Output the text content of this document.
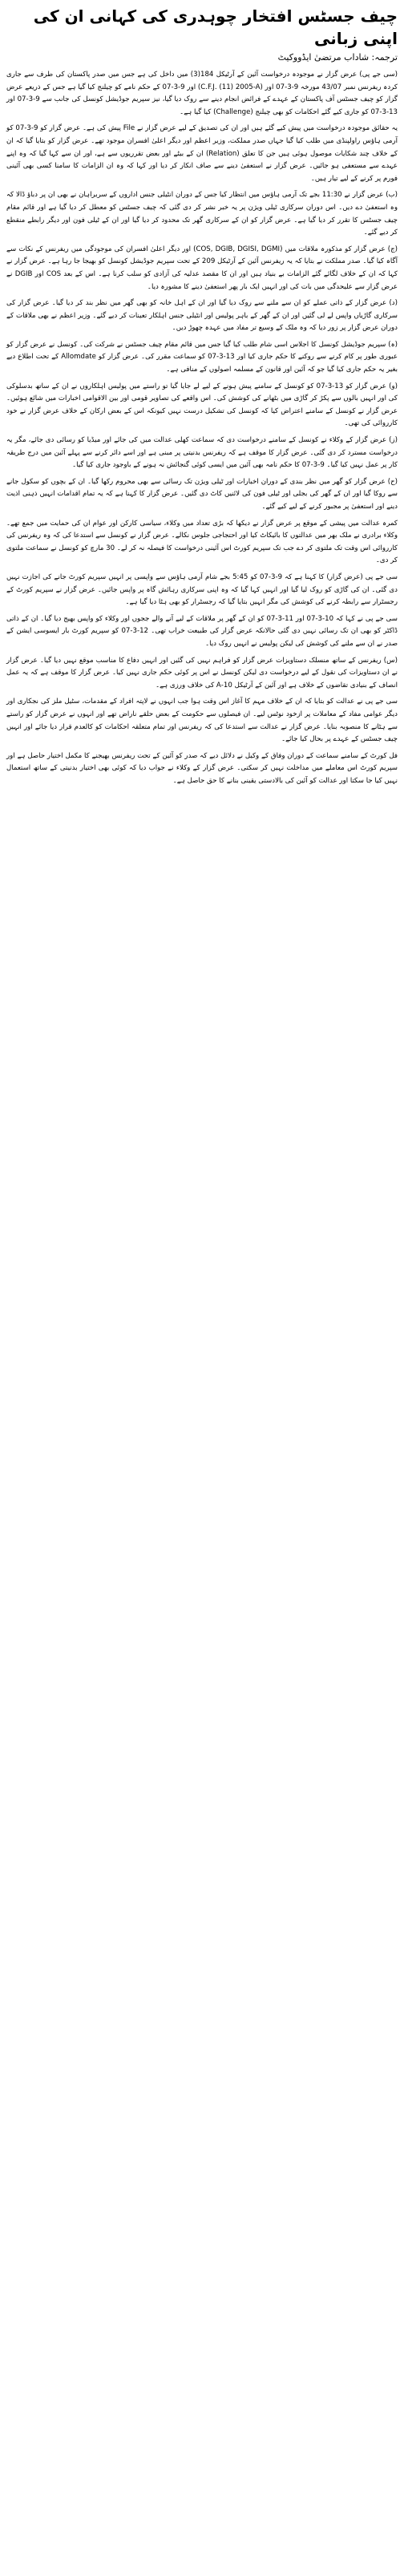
چیف جسٹس افتخار چوہدری کی کہانی ان کی اپنی زبانی
ترجمہ: شاداب مرتضیٰ ایڈووکیٹ

(سی جے پی) عرض گزار نے موجودہ درخواست آئین کے آرٹیکل 184(3) میں داخل کی ہے جس میں صدر پاکستان کی طرف سے جاری کردہ ریفرنس نمبر 43/07 مورخہ 9-3-07 اور (C.F.J. (11) 2005-A) اور 9-3-07 کے حکم نامے کو چیلنج کیا گیا ہے جس کے ذریعے عرض گزار کو چیف جسٹس آف پاکستان کے عہدے کے فرائض انجام دینے سے روک دیا گیا، نیز سپریم جوڈیشل کونسل کی جانب سے 9-3-07 اور 13-3-07 کو جاری کیے گئے احکامات کو بھی چیلنج (Challenge) کیا گیا ہے۔

یہ حقائق موجودہ درخواست میں پیش کیے گئے ہیں اور ان کی تصدیق کے لیے عرض گزار نے File پیش کی ہے۔ عرض گزار کو 9-3-07 کو آرمی ہاؤس راولپنڈی میں طلب کیا گیا جہاں صدر مملکت، وزیر اعظم اور دیگر اعلیٰ افسران موجود تھے۔ عرض گزار کو بتایا گیا کہ ان کے خلاف چند شکایات موصول ہوئی ہیں جن کا تعلق (Relation) ان کے بیٹے اور بعض تقرریوں سے ہے، اور ان سے کہا گیا کہ وہ اپنے عہدے سے مستعفی ہو جائیں۔ عرض گزار نے استعفیٰ دینے سے صاف انکار کر دیا اور کہا کہ وہ ان الزامات کا سامنا کسی بھی آئینی فورم پر کرنے کے لیے تیار ہیں۔

(ب) عرض گزار نے 11:30 بجے تک آرمی ہاؤس میں انتظار کیا جس کے دوران انٹیلی جنس اداروں کے سربراہان نے بھی ان پر دباؤ ڈالا کہ وہ استعفیٰ دے دیں۔ اس دوران سرکاری ٹیلی ویژن پر یہ خبر نشر کر دی گئی کہ چیف جسٹس کو معطل کر دیا گیا ہے اور قائم مقام چیف جسٹس کا تقرر کر دیا گیا ہے۔ عرض گزار کو ان کے سرکاری گھر تک محدود کر دیا گیا اور ان کے ٹیلی فون اور دیگر رابطے منقطع کر دیے گئے۔

(ج) عرض گزار کو مذکورہ ملاقات میں (COS, DGIB, DGISI, DGMI) اور دیگر اعلیٰ افسران کی موجودگی میں ریفرنس کے نکات سے آگاہ کیا گیا۔ صدر مملکت نے بتایا کہ یہ ریفرنس آئین کے آرٹیکل 209 کے تحت سپریم جوڈیشل کونسل کو بھیجا جا رہا ہے۔ عرض گزار نے کہا کہ ان کے خلاف لگائے گئے الزامات بے بنیاد ہیں اور ان کا مقصد عدلیہ کی آزادی کو سلب کرنا ہے۔ اس کے بعد COS اور DGIB نے عرض گزار سے علیحدگی میں بات کی اور انہیں ایک بار پھر استعفیٰ دینے کا مشورہ دیا۔

(د) عرض گزار کے ذاتی عملے کو ان سے ملنے سے روک دیا گیا اور ان کے اہل خانہ کو بھی گھر میں نظر بند کر دیا گیا۔ عرض گزار کی سرکاری گاڑیاں واپس لے لی گئیں اور ان کے گھر کے باہر پولیس اور انٹیلی جنس اہلکار تعینات کر دیے گئے۔ وزیر اعظم نے بھی ملاقات کے دوران عرض گزار پر زور دیا کہ وہ ملک کے وسیع تر مفاد میں عہدہ چھوڑ دیں۔

(ہ) سپریم جوڈیشل کونسل کا اجلاس اسی شام طلب کیا گیا جس میں قائم مقام چیف جسٹس نے شرکت کی۔ کونسل نے عرض گزار کو عبوری طور پر کام کرنے سے روکنے کا حکم جاری کیا اور 13-3-07 کو سماعت مقرر کی۔ عرض گزار کو Allomdate کے تحت اطلاع دیے بغیر یہ حکم جاری کیا گیا جو کہ آئین اور قانون کے مسلمہ اصولوں کے منافی ہے۔

(و) عرض گزار کو 13-3-07 کو کونسل کے سامنے پیش ہونے کے لیے لے جایا گیا تو راستے میں پولیس اہلکاروں نے ان کے ساتھ بدسلوکی کی اور انہیں بالوں سے پکڑ کر گاڑی میں بٹھانے کی کوشش کی۔ اس واقعے کی تصاویر قومی اور بین الاقوامی اخبارات میں شائع ہوئیں۔ عرض گزار نے کونسل کے سامنے اعتراض کیا کہ کونسل کی تشکیل درست نہیں کیونکہ اس کے بعض ارکان کے خلاف عرض گزار نے خود کارروائی کی تھی۔

(ز) عرض گزار کے وکلاء نے کونسل کے سامنے درخواست دی کہ سماعت کھلی عدالت میں کی جائے اور میڈیا کو رسائی دی جائے، مگر یہ درخواست مسترد کر دی گئی۔ عرض گزار کا موقف ہے کہ ریفرنس بدنیتی پر مبنی ہے اور اسے دائر کرنے سے پہلے آئین میں درج طریقہ کار پر عمل نہیں کیا گیا۔ 9-3-07 کا حکم نامہ بھی آئین میں ایسی کوئی گنجائش نہ ہونے کے باوجود جاری کیا گیا۔

(ح) عرض گزار کو گھر میں نظر بندی کے دوران اخبارات اور ٹیلی ویژن تک رسائی سے بھی محروم رکھا گیا۔ ان کے بچوں کو سکول جانے سے روکا گیا اور ان کے گھر کی بجلی اور ٹیلی فون کی لائنیں کاٹ دی گئیں۔ عرض گزار کا کہنا ہے کہ یہ تمام اقدامات انہیں ذہنی اذیت دینے اور استعفیٰ پر مجبور کرنے کے لیے کیے گئے۔

کمرہ عدالت میں پیشی کے موقع پر عرض گزار نے دیکھا کہ بڑی تعداد میں وکلاء، سیاسی کارکن اور عوام ان کی حمایت میں جمع تھے۔ وکلاء برادری نے ملک بھر میں عدالتوں کا بائیکاٹ کیا اور احتجاجی جلوس نکالے۔ عرض گزار نے کونسل سے استدعا کی کہ وہ ریفرنس کی کارروائی اس وقت تک ملتوی کر دے جب تک سپریم کورٹ اس آئینی درخواست کا فیصلہ نہ کر لے۔ 30 مارچ کو کونسل نے سماعت ملتوی کر دی۔

سی جے پی (عرض گزار) کا کہنا ہے کہ 9-3-07 کو 5:45 بجے شام آرمی ہاؤس سے واپسی پر انہیں سپریم کورٹ جانے کی اجازت نہیں دی گئی۔ ان کی گاڑی کو روک لیا گیا اور انہیں کہا گیا کہ وہ اپنی سرکاری رہائش گاہ پر واپس جائیں۔ عرض گزار نے سپریم کورٹ کے رجسٹرار سے رابطہ کرنے کی کوشش کی مگر انہیں بتایا گیا کہ رجسٹرار کو بھی ہٹا دیا گیا ہے۔

سی جے پی نے کہا کہ 10-3-07 اور 11-3-07 کو ان کے گھر پر ملاقات کے لیے آنے والے ججوں اور وکلاء کو واپس بھیج دیا گیا۔ ان کے ذاتی ڈاکٹر کو بھی ان تک رسائی نہیں دی گئی حالانکہ عرض گزار کی طبیعت خراب تھی۔ 12-3-07 کو سپریم کورٹ بار ایسوسی ایشن کے صدر نے ان سے ملنے کی کوشش کی لیکن پولیس نے انہیں روک دیا۔

(س) ریفرنس کے ساتھ منسلک دستاویزات عرض گزار کو فراہم نہیں کی گئیں اور انہیں دفاع کا مناسب موقع نہیں دیا گیا۔ عرض گزار نے ان دستاویزات کی نقول کے لیے درخواست دی لیکن کونسل نے اس پر کوئی حکم جاری نہیں کیا۔ عرض گزار کا موقف ہے کہ یہ عمل انصاف کے بنیادی تقاضوں کے خلاف ہے اور آئین کے آرٹیکل 10-A کی خلاف ورزی ہے۔

سی جے پی نے عدالت کو بتایا کہ ان کے خلاف مہم کا آغاز اس وقت ہوا جب انہوں نے لاپتہ افراد کے مقدمات، سٹیل ملز کی نجکاری اور دیگر عوامی مفاد کے معاملات پر ازخود نوٹس لیے۔ ان فیصلوں سے حکومت کے بعض حلقے ناراض تھے اور انہوں نے عرض گزار کو راستے سے ہٹانے کا منصوبہ بنایا۔ عرض گزار نے عدالت سے استدعا کی کہ ریفرنس اور تمام متعلقہ احکامات کو کالعدم قرار دیا جائے اور انہیں چیف جسٹس کے عہدے پر بحال کیا جائے۔

فل کورٹ کے سامنے سماعت کے دوران وفاق کے وکیل نے دلائل دیے کہ صدر کو آئین کے تحت ریفرنس بھیجنے کا مکمل اختیار حاصل ہے اور سپریم کورٹ اس معاملے میں مداخلت نہیں کر سکتی۔ عرض گزار کے وکلاء نے جواب دیا کہ کوئی بھی اختیار بدنیتی کے ساتھ استعمال نہیں کیا جا سکتا اور عدالت کو آئین کی بالادستی یقینی بنانے کا حق حاصل ہے۔
